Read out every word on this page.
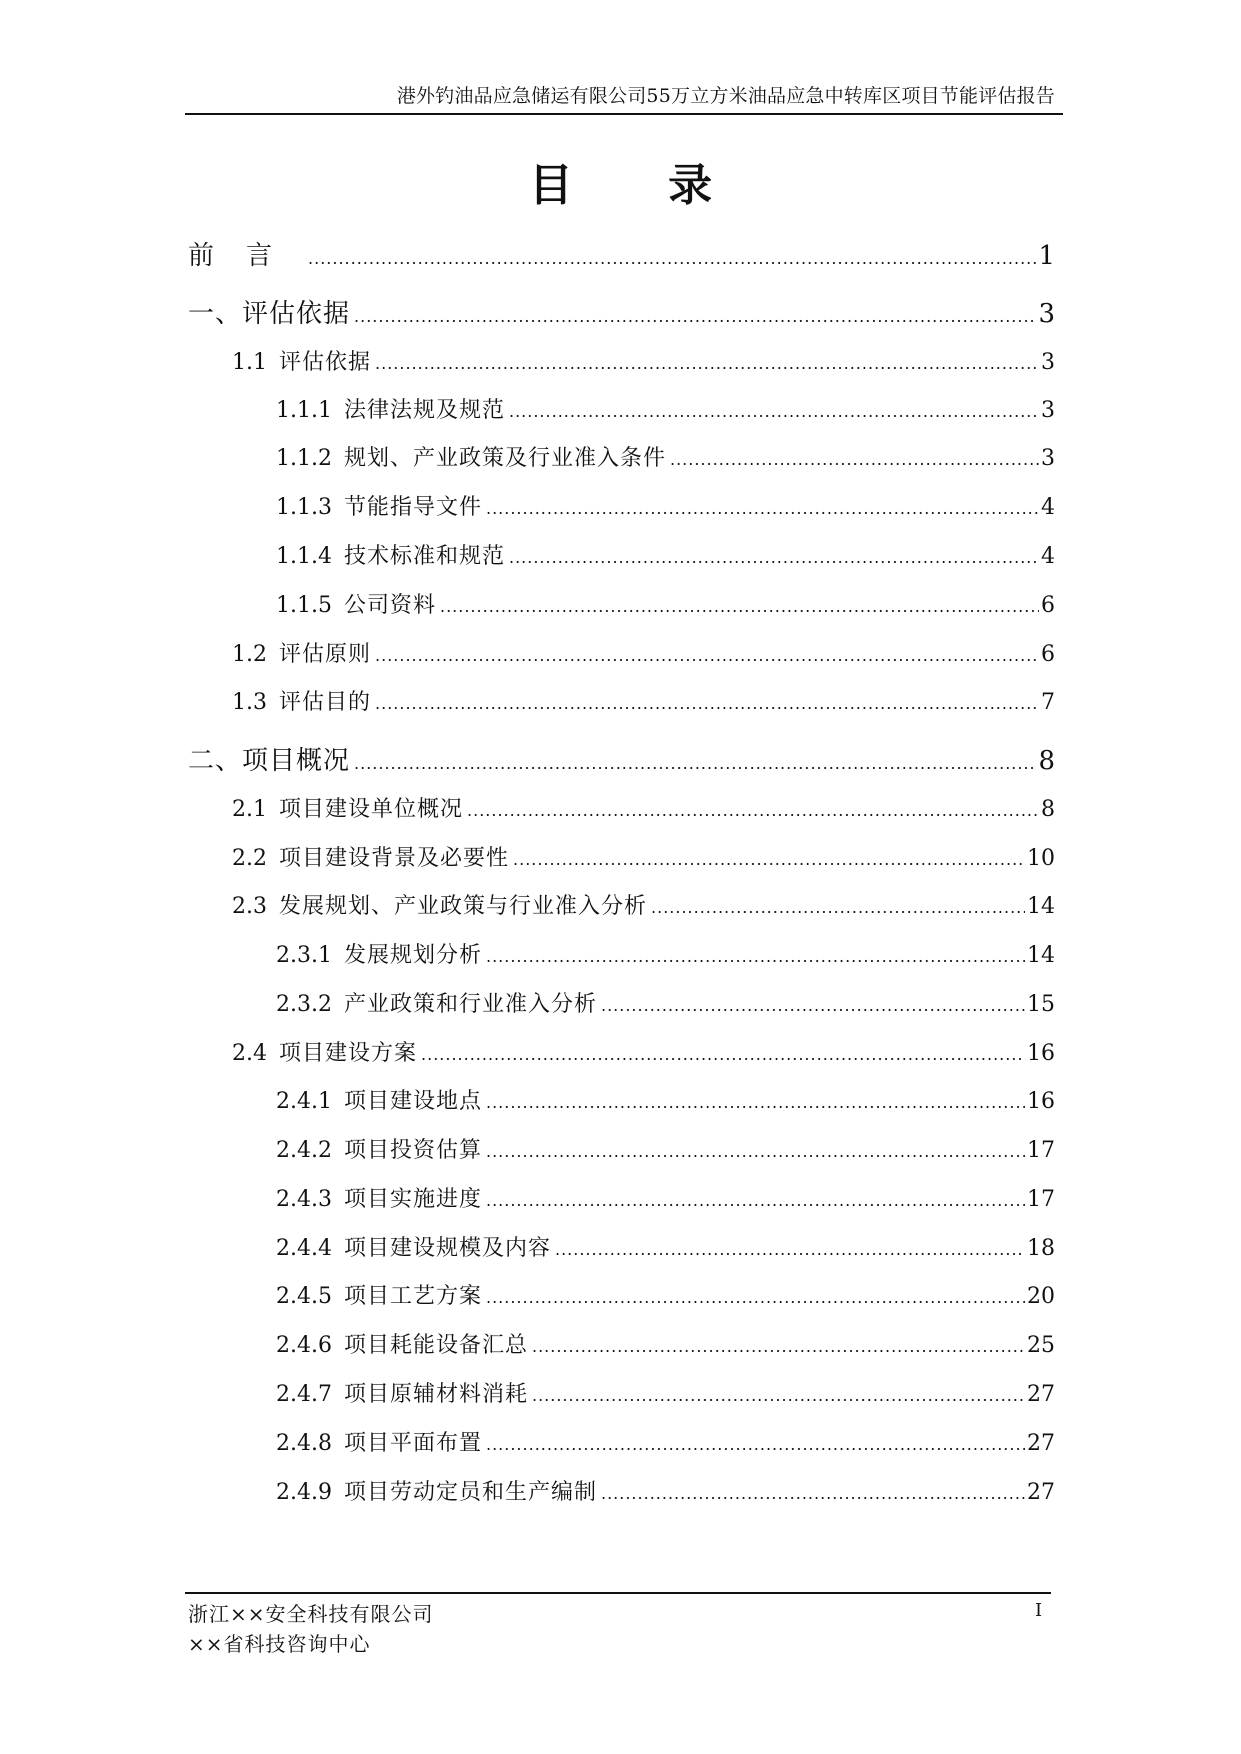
港外钓油品应急储运有限公司55万立方米油品应急中转库区项目节能评估报告
目 录
前言 .....	1
一、评估依据 .....	3
1.1 评估依据 .....	3
1.1.1 法律法规及规范 .....	3
1.1.2 规划、产业政策及行业准入条件 .....	3
1.1.3 节能指导文件 .....	4
1.1.4 技术标准和规范 .....	4
1.1.5 公司资料 .....	6
1.2 评估原则 .....	6
1.3 评估目的 .....	7
二、项目概况 .....	8
2.1 项目建设单位概况 .....	8
2.2 项目建设背景及必要性 .....	10
2.3 发展规划、产业政策与行业准入分析 .....	14
2.3.1 发展规划分析 .....	14
2.3.2 产业政策和行业准入分析 .....	15
2.4 项目建设方案 .....	16
2.4.1 项目建设地点 .....	16
2.4.2 项目投资估算 .....	17
2.4.3 项目实施进度 .....	17
2.4.4 项目建设规模及内容 .....	18
2.4.5 项目工艺方案 .....	20
2.4.6 项目耗能设备汇总 .....	25
2.4.7 项目原辅材料消耗 .....	27
2.4.8 项目平面布置 .....	27
2.4.9 项目劳动定员和生产编制 .....	27
浙江××安全科技有限公司
××省科技咨询中心
I
